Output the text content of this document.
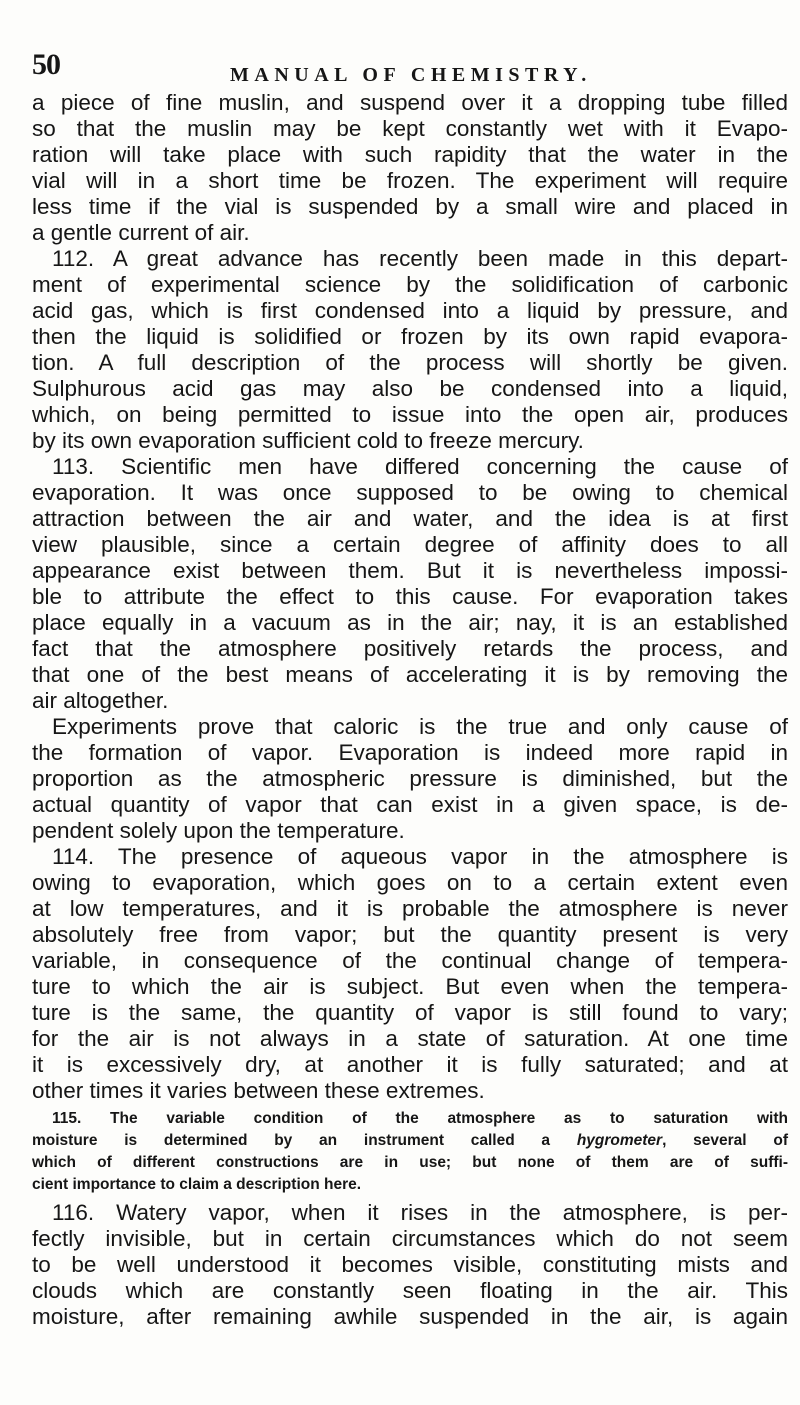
50	MANUAL OF CHEMISTRY.
a piece of fine muslin, and suspend over it a dropping tube filled
so that the muslin may be kept constantly wet with it Evapo-
ration will take place with such rapidity that the water in the
vial will in a short time be frozen. The experiment will require
less time if the vial is suspended by a small wire and placed in
a gentle current of air.
112. A great advance has recently been made in this depart-
ment of experimental science by the solidification of carbonic
acid gas, which is first condensed into a liquid by pressure, and
then the liquid is solidified or frozen by its own rapid evapora-
tion. A full description of the process will shortly be given.
Sulphurous acid gas may also be condensed into a liquid,
which, on being permitted to issue into the open air, produces
by its own evaporation sufficient cold to freeze mercury.
113. Scientific men have differed concerning the cause of
evaporation. It was once supposed to be owing to chemical
attraction between the air and water, and the idea is at first
view plausible, since a certain degree of affinity does to all
appearance exist between them. But it is nevertheless impossi-
ble to attribute the effect to this cause. For evaporation takes
place equally in a vacuum as in the air; nay, it is an established
fact that the atmosphere positively retards the process, and
that one of the best means of accelerating it is by removing the
air altogether.
Experiments prove that caloric is the true and only cause of
the formation of vapor. Evaporation is indeed more rapid in
proportion as the atmospheric pressure is diminished, but the
actual quantity of vapor that can exist in a given space, is de-
pendent solely upon the temperature.
114. The presence of aqueous vapor in the atmosphere is
owing to evaporation, which goes on to a certain extent even
at low temperatures, and it is probable the atmosphere is never
absolutely free from vapor; but the quantity present is very
variable, in consequence of the continual change of tempera-
ture to which the air is subject. But even when the tempera-
ture is the same, the quantity of vapor is still found to vary;
for the air is not always in a state of saturation. At one time
it is excessively dry, at another it is fully saturated; and at
other times it varies between these extremes.
115. The variable condition of the atmosphere as to saturation with
moisture is determined by an instrument called a hygrometer, several of
which of different constructions are in use; but none of them are of suffi-
cient importance to claim a description here.
116. Watery vapor, when it rises in the atmosphere, is per-
fectly invisible, but in certain circumstances which do not seem
to be well understood it becomes visible, constituting mists and
clouds which are constantly seen floating in the air. This
moisture, after remaining awhile suspended in the air, is again
